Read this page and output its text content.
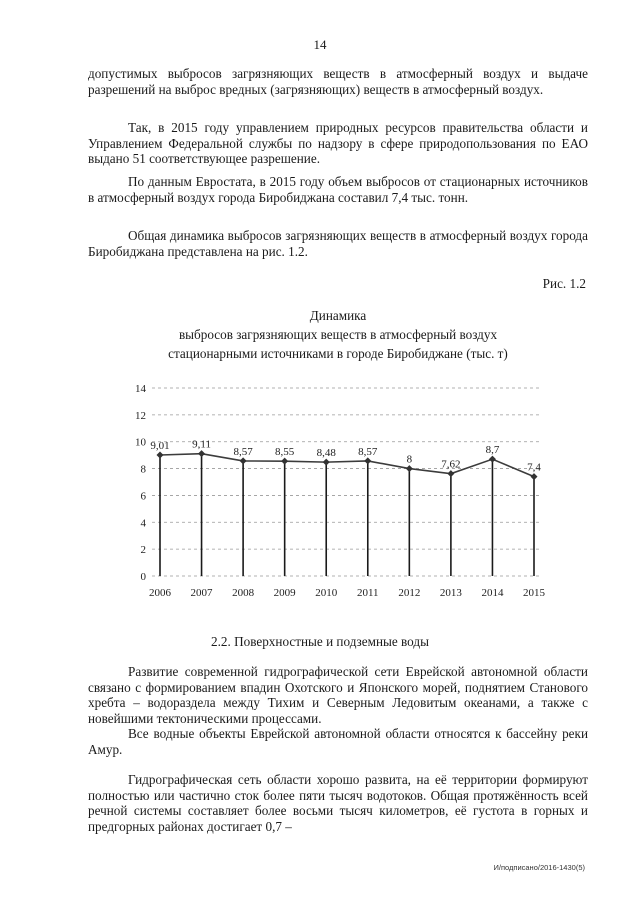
14

допустимых выбросов загрязняющих веществ в атмосферный воздух и выдаче разрешений на выброс вредных (загрязняющих) веществ в атмосферный воздух.

Так, в 2015 году управлением природных ресурсов правительства области и Управлением Федеральной службы по надзору в сфере природопользования по ЕАО выдано 51 соответствующее разрешение.

По данным Евростата, в 2015 году объем выбросов от стационарных источников в атмосферный воздух города Биробиджана составил 7,4 тыс. тонн.

Общая динамика выбросов загрязняющих веществ в атмосферный воздух города Биробиджана представлена на рис. 1.2.

Рис. 1.2
Динамика
выбросов загрязняющих веществ в атмосферный воздух
стационарными источниками в городе Биробиджане (тыс. т)
0
2
4
6
8
10
12
14
9,01 9,11
8,57 8,55 8,48 8,57
8	7,62
8,7
7,4
2006 2007 2008 2009 2010 2011 2012 2013 2014 2015
2.2. Поверхностные и подземные воды

Развитие современной гидрографической сети Еврейской автономной области связано с формированием впадин Охотского и Японского морей, поднятием Станового хребта – водораздела между Тихим и Северным Ледовитым океанами, а также с новейшими тектоническими процессами.

Все водные объекты Еврейской автономной области относятся к бассейну реки Амур.

Гидрографическая сеть области хорошо развита, на её территории формируют полностью или частично сток более пяти тысяч водотоков. Общая протяжённость всей речной системы составляет более восьми тысяч километров, её густота в горных и предгорных районах достигает 0,7 –

И/подписано/2016-1430(5)
